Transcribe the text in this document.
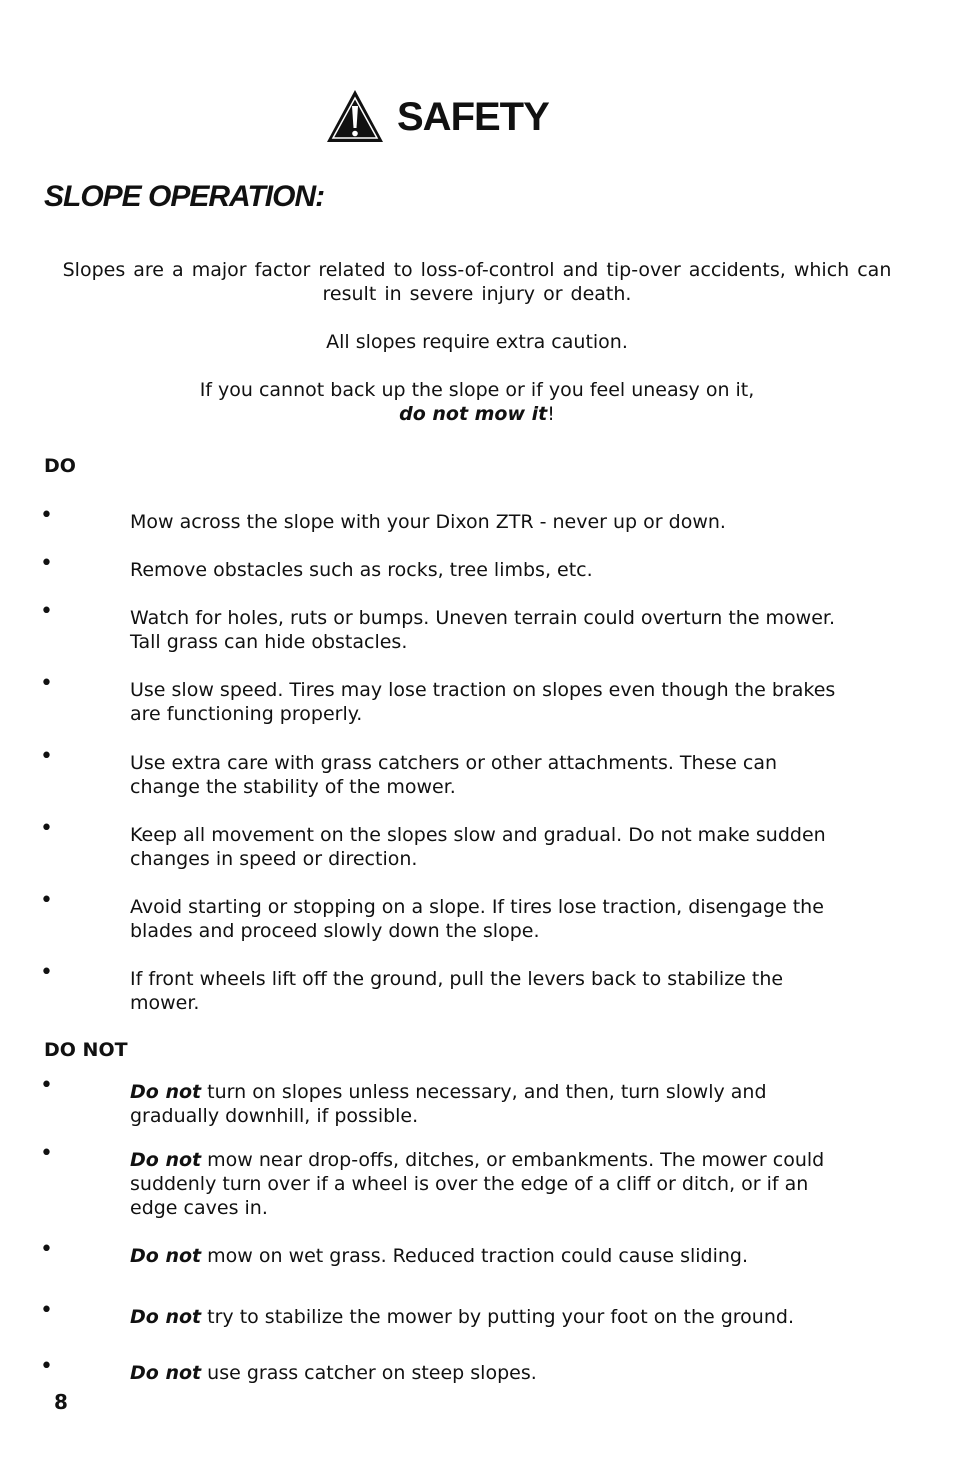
SAFETY
SLOPE OPERATION:
Slopes are a major factor related to loss-of-control and tip-over accidents, which can result in severe injury or death.
All slopes require extra caution.
If you cannot back up the slope or if you feel uneasy on it,
do not mow it!
DO
•	Mow across the slope with your Dixon ZTR - never up or down.
•	Remove obstacles such as rocks, tree limbs, etc.
•	Watch for holes, ruts or bumps. Uneven terrain could overturn the mower. Tall grass can hide obstacles.
•	Use slow speed. Tires may lose traction on slopes even though the brakes are functioning properly.
•	Use extra care with grass catchers or other attachments. These can change the stability of the mower.
•	Keep all movement on the slopes slow and gradual. Do not make sudden changes in speed or direction.
•	Avoid starting or stopping on a slope. If tires lose traction, disengage the blades and proceed slowly down the slope.
•	If front wheels lift off the ground, pull the levers back to stabilize the mower.
DO NOT
•	Do not turn on slopes unless necessary, and then, turn slowly and gradually downhill, if possible.
•	Do not mow near drop-offs, ditches, or embankments. The mower could suddenly turn over if a wheel is over the edge of a cliff or ditch, or if an edge caves in.
•	Do not mow on wet grass. Reduced traction could cause sliding.
•	Do not try to stabilize the mower by putting your foot on the ground.
•	Do not use grass catcher on steep slopes.
8
